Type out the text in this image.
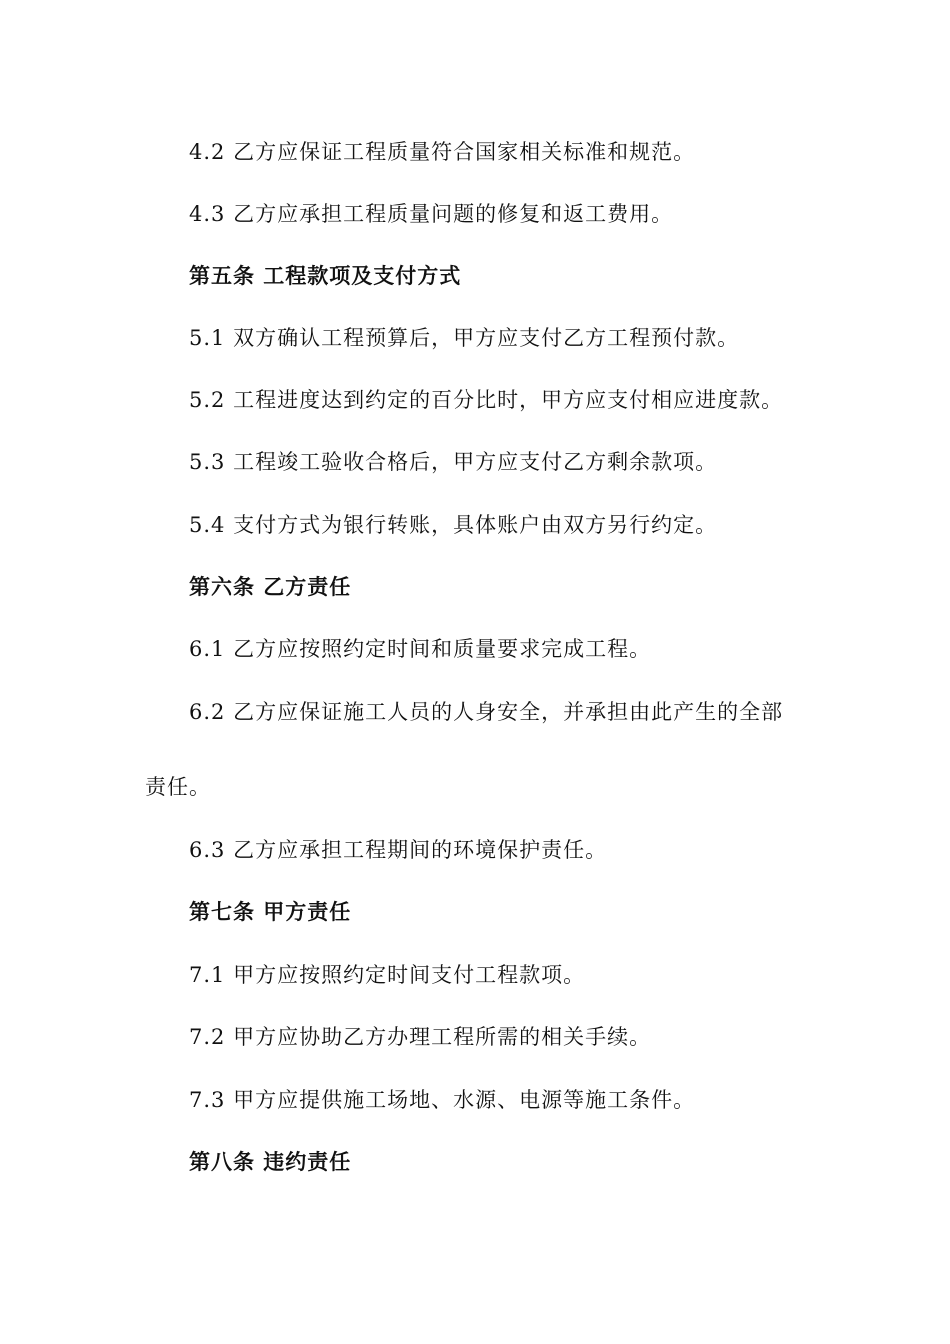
4.2 乙方应保证工程质量符合国家相关标准和规范。
4.3 乙方应承担工程质量问题的修复和返工费用。
第五条 工程款项及支付方式
5.1 双方确认工程预算后，甲方应支付乙方工程预付款。
5.2 工程进度达到约定的百分比时，甲方应支付相应进度款。
5.3 工程竣工验收合格后，甲方应支付乙方剩余款项。
5.4 支付方式为银行转账，具体账户由双方另行约定。
第六条 乙方责任
6.1 乙方应按照约定时间和质量要求完成工程。
6.2 乙方应保证施工人员的人身安全，并承担由此产生的全部
责任。
6.3 乙方应承担工程期间的环境保护责任。
第七条 甲方责任
7.1 甲方应按照约定时间支付工程款项。
7.2 甲方应协助乙方办理工程所需的相关手续。
7.3 甲方应提供施工场地、水源、电源等施工条件。
第八条 违约责任
